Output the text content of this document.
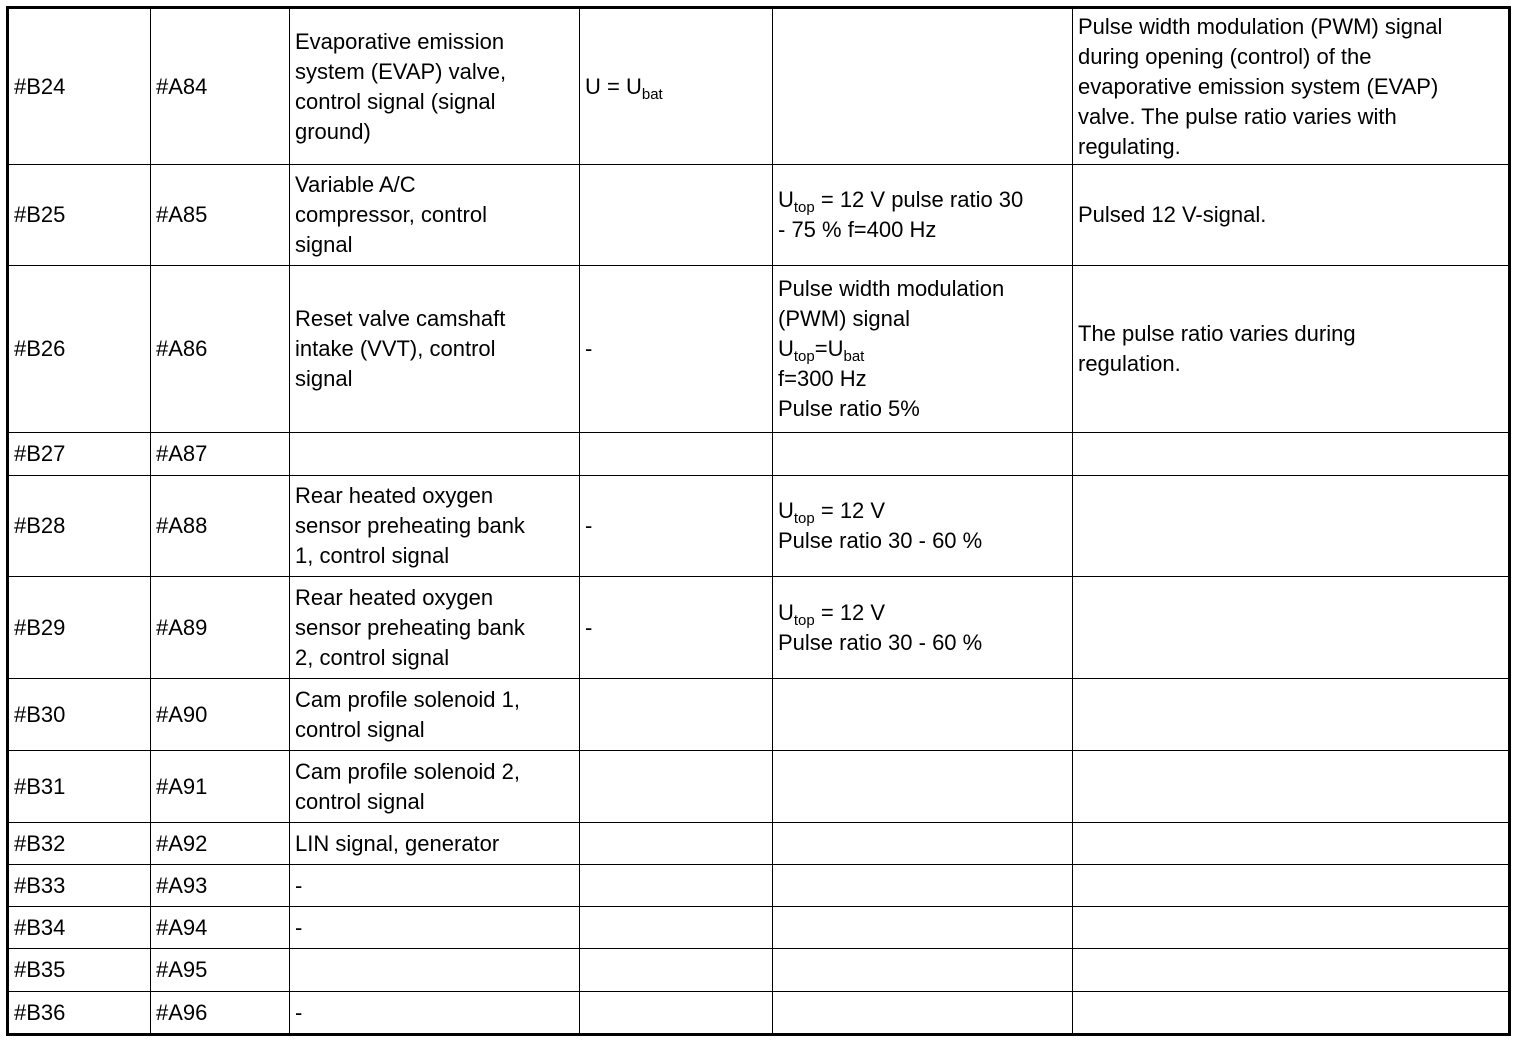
#B24	#A84	Evaporative emission
system (EVAP) valve,
control signal (signal
ground)	$U = U_{bat}$		Pulse width modulation (PWM) signal
during opening (control) of the
evaporative emission system (EVAP)
valve. The pulse ratio varies with
regulating.

#B25	#A85	Variable A/C
compressor, control
signal		$U_{top} = 12$ V pulse ratio 30
- 75 % f=400 Hz	Pulsed 12 V-signal.

#B26	#A86	Reset valve camshaft
intake (VVT), control
signal	-	Pulse width modulation
(PWM) signal
$U_{top}=U_{bat}$
f=300 Hz
Pulse ratio 5%	The pulse ratio varies during
regulation.

#B27	#A87				
#B28	#A88	Rear heated oxygen
sensor preheating bank
1, control signal	-	$U_{top} = 12$ V
Pulse ratio 30 - 60 %	

#B29	#A89	Rear heated oxygen
sensor preheating bank
2, control signal	-	$U_{top} = 12$ V
Pulse ratio 30 - 60 %	

#B30	#A90	Cam profile solenoid 1,
control signal			

#B31	#A91	Cam profile solenoid 2,
control signal			

#B32	#A92	LIN signal, generator			

#B33	#A93	-			

#B34	#A94	-			

#B35	#A95				
#B36	#A96	-			
